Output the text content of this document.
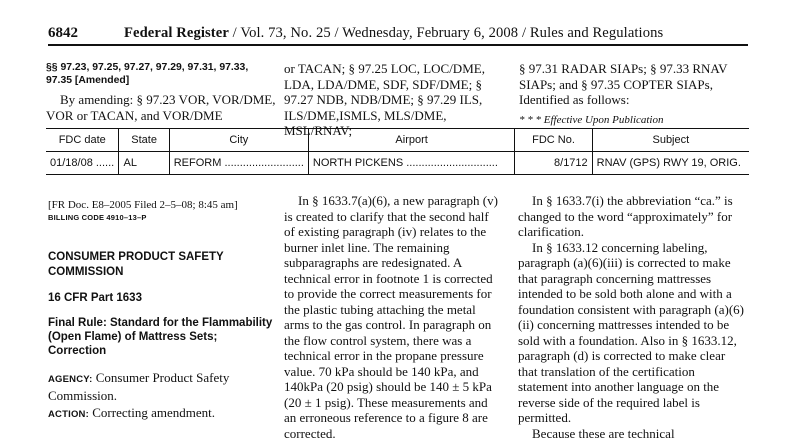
6842	Federal Register / Vol. 73, No. 25 / Wednesday, February 6, 2008 / Rules and Regulations
§§ 97.23, 97.25, 97.27, 97.29, 97.31, 97.33,
97.35 [Amended]
By amending: § 97.23 VOR, VOR/DME, VOR or TACAN, and VOR/DME
or TACAN; § 97.25 LOC, LOC/DME, LDA, LDA/DME, SDF, SDF/DME; § 97.27 NDB, NDB/DME; § 97.29 ILS, ILS/DME,ISMLS, MLS/DME, MSL/RNAV;
§ 97.31 RADAR SIAPs; § 97.33 RNAV SIAPs; and § 97.35 COPTER SIAPs, Identified as follows:
* * * Effective Upon Publication
FDC date	State	City	Airport	FDC No.	Subject
01/18/08 ......	AL	REFORM ..........................	NORTH PICKENS ..............................	8/1712	RNAV (GPS) RWY 19, ORIG.
[FR Doc. E8–2005 Filed 2–5–08; 8:45 am]
BILLING CODE 4910–13–P
CONSUMER PRODUCT SAFETY COMMISSION
16 CFR Part 1633
Final Rule: Standard for the Flammability (Open Flame) of Mattress Sets; Correction
AGENCY: Consumer Product Safety Commission.
ACTION: Correcting amendment.

In § 1633.7(a)(6), a new paragraph (v) is created to clarify that the second half of existing paragraph (iv) relates to the burner inlet line. The remaining subparagraphs are redesignated. A technical error in footnote 1 is corrected to provide the correct measurements for the plastic tubing attaching the metal arms to the gas control. In paragraph on the flow control system, there was a technical error in the propane pressure value. 70 kPa should be 140 kPa, and 140kPa (20 psig) should be 140 ± 5 kPa (20 ± 1 psig). These measurements and an erroneous reference to a figure 8 are corrected.

In § 1633.7(i) the abbreviation “ca.” is changed to the word “approximately” for clarification.

In § 1633.12 concerning labeling, paragraph (a)(6)(iii) is corrected to make that paragraph concerning mattresses intended to be sold both alone and with a foundation consistent with paragraph (a)(6)(ii) concerning mattresses intended to be sold with a foundation. Also in § 1633.12, paragraph (d) is corrected to make clear that translation of the certification statement into another language on the reverse side of the required label is permitted.

Because these are technical
